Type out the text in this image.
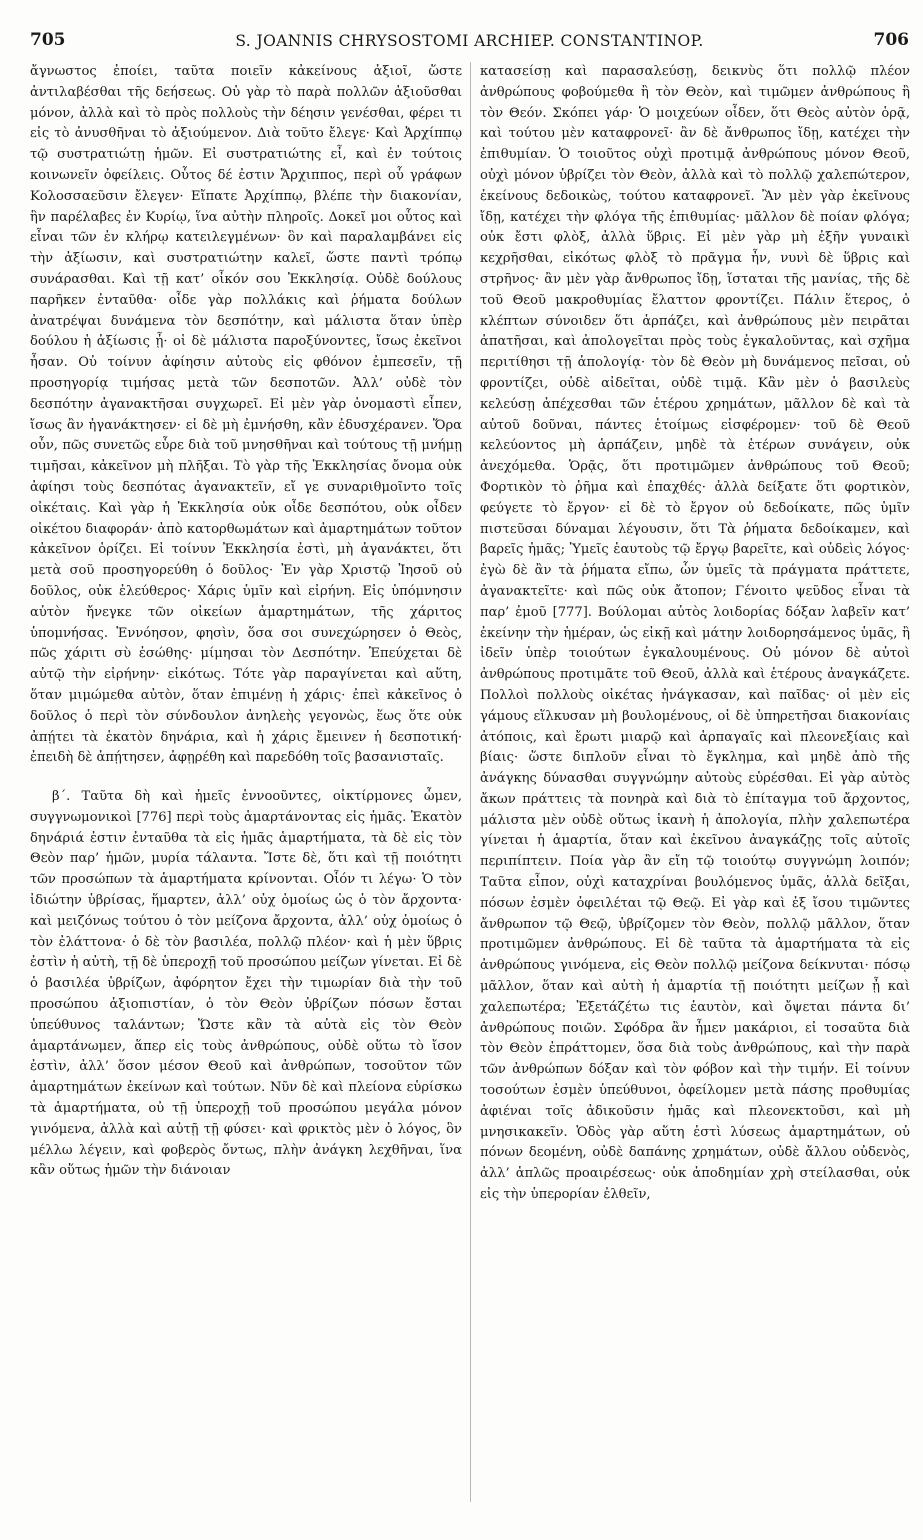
705	S. JOANNIS CHRYSOSTOMI ARCHIEP. CONSTANTINOP.	706

ἄγνωστος ἐποίει, ταῦτα ποιεῖν κἀκείνους ἀξιοῖ, ὥστε ἀντιλαβέσθαι τῆς δεήσεως. Οὐ γὰρ τὸ παρὰ πολλῶν ἀξιοῦσθαι μόνον, ἀλλὰ καὶ τὸ πρὸς πολλοὺς τὴν δέησιν γενέσθαι, φέρει τι εἰς τὸ ἀνυσθῆναι τὸ ἀξιούμενον. Διὰ τοῦτο ἔλεγε· Καὶ Ἀρχίππῳ τῷ συστρατιώτῃ ἡμῶν. Εἰ συστρατιώτης εἶ, καὶ ἐν τούτοις κοινωνεῖν ὀφείλεις. Οὗτος δέ ἐστιν Ἄρχιππος, περὶ οὗ γράφων Κολοσσαεῦσιν ἔλεγεν· Εἴπατε Ἀρχίππῳ, βλέπε τὴν διακονίαν, ἣν παρέλαβες ἐν Κυρίῳ, ἵνα αὐτὴν πληροῖς. Δοκεῖ μοι οὗτος καὶ εἶναι τῶν ἐν κλήρῳ κατειλεγμένων· ὃν καὶ παραλαμβάνει εἰς τὴν ἀξίωσιν, καὶ συστρατιώτην καλεῖ, ὥστε παντὶ τρόπῳ συνάρασθαι. Καὶ τῇ κατ’ οἶκόν σου Ἐκκλησίᾳ. Οὐδὲ δούλους παρῆκεν ἐνταῦθα· οἶδε γὰρ πολλάκις καὶ ῥήματα δούλων ἀνατρέψαι δυνάμενα τὸν δεσπότην, καὶ μάλιστα ὅταν ὑπὲρ δούλου ἡ ἀξίωσις ᾖ· οἱ δὲ μάλιστα παροξύνοντες, ἴσως ἐκεῖνοι ἦσαν. Οὐ τοίνυν ἀφίησιν αὐτοὺς εἰς φθόνον ἐμπεσεῖν, τῇ προσηγορίᾳ τιμήσας μετὰ τῶν δεσποτῶν. Ἀλλ’ οὐδὲ τὸν δεσπότην ἀγανακτῆσαι συγχωρεῖ. Εἰ μὲν γὰρ ὀνομαστὶ εἶπεν, ἴσως ἂν ἠγανάκτησεν· εἰ δὲ μὴ ἐμνήσθη, κἂν ἐδυσχέρανεν. Ὅρα οὖν, πῶς συνετῶς εὗρε διὰ τοῦ μνησθῆναι καὶ τούτους τῇ μνήμῃ τιμῆσαι, κἀκεῖνον μὴ πλῆξαι. Τὸ γὰρ τῆς Ἐκκλησίας ὄνομα οὐκ ἀφίησι τοὺς δεσπότας ἀγανακτεῖν, εἴ γε συναριθμοῖντο τοῖς οἰκέταις. Καὶ γὰρ ἡ Ἐκκλησία οὐκ οἶδε δεσπότου, οὐκ οἶδεν οἰκέτου διαφοράν· ἀπὸ κατορθωμάτων καὶ ἁμαρτημάτων τοῦτον κἀκεῖνον ὁρίζει. Εἰ τοίνυν Ἐκκλησία ἐστὶ, μὴ ἀγανάκτει, ὅτι μετὰ σοῦ προσηγορεύθη ὁ δοῦλος· Ἐν γὰρ Χριστῷ Ἰησοῦ οὐ δοῦλος, οὐκ ἐλεύθερος· Χάρις ὑμῖν καὶ εἰρήνη. Εἰς ὑπόμνησιν αὐτὸν ἤνεγκε τῶν οἰκείων ἁμαρτημάτων, τῆς χάριτος ὑπομνήσας. Ἐννόησον, φησὶν, ὅσα σοι συνεχώρησεν ὁ Θεὸς, πῶς χάριτι σὺ ἐσώθης· μίμησαι τὸν Δεσπότην. Ἐπεύχεται δὲ αὐτῷ τὴν εἰρήνην· εἰκότως. Τότε γὰρ παραγίνεται καὶ αὕτη, ὅταν μιμώμεθα αὐτὸν, ὅταν ἐπιμένῃ ἡ χάρις· ἐπεὶ κἀκεῖνος ὁ δοῦλος ὁ περὶ τὸν σύνδουλον ἀνηλεὴς γεγονὼς, ἕως ὅτε οὐκ ἀπῄτει τὰ ἑκατὸν δηνάρια, καὶ ἡ χάρις ἔμεινεν ἡ δεσποτική· ἐπειδὴ δὲ ἀπῄτησεν, ἀφῃρέθη καὶ παρεδόθη τοῖς βασανισταῖς.

β΄. Ταῦτα δὴ καὶ ἡμεῖς ἐννοοῦντες, οἰκτίρμονες ὦμεν, συγγνωμονικοὶ [776] περὶ τοὺς ἁμαρτάνοντας εἰς ἡμᾶς. Ἑκατὸν δηνάριά ἐστιν ἐνταῦθα τὰ εἰς ἡμᾶς ἁμαρτήματα, τὰ δὲ εἰς τὸν Θεὸν παρ’ ἡμῶν, μυρία τάλαντα. Ἴστε δὲ, ὅτι καὶ τῇ ποιότητι τῶν προσώπων τὰ ἁμαρτήματα κρίνονται. Οἷόν τι λέγω· Ὁ τὸν ἰδιώτην ὑβρίσας, ἥμαρτεν, ἀλλ’ οὐχ ὁμοίως ὡς ὁ τὸν ἄρχοντα· καὶ μειζόνως τούτου ὁ τὸν μείζονα ἄρχοντα, ἀλλ’ οὐχ ὁμοίως ὁ τὸν ἐλάττονα· ὁ δὲ τὸν βασιλέα, πολλῷ πλέον· καὶ ἡ μὲν ὕβρις ἐστὶν ἡ αὐτὴ, τῇ δὲ ὑπεροχῇ τοῦ προσώπου μείζων γίνεται. Εἰ δὲ ὁ βασιλέα ὑβρίζων, ἀφόρητον ἔχει τὴν τιμωρίαν διὰ τὴν τοῦ προσώπου ἀξιοπιστίαν, ὁ τὸν Θεὸν ὑβρίζων πόσων ἔσται ὑπεύθυνος ταλάντων; Ὥστε κἂν τὰ αὐτὰ εἰς τὸν Θεὸν ἁμαρτάνωμεν, ἅπερ εἰς τοὺς ἀνθρώπους, οὐδὲ οὕτω τὸ ἴσον ἐστὶν, ἀλλ’ ὅσον μέσον Θεοῦ καὶ ἀνθρώπων, τοσοῦτον τῶν ἁμαρτημάτων ἐκείνων καὶ τούτων. Νῦν δὲ καὶ πλείονα εὑρίσκω τὰ ἁμαρτήματα, οὐ τῇ ὑπεροχῇ τοῦ προσώπου μεγάλα μόνον γινόμενα, ἀλλὰ καὶ αὐτῇ τῇ φύσει· καὶ φρικτὸς μὲν ὁ λόγος, ὃν μέλλω λέγειν, καὶ φοβερὸς ὄντως, πλὴν ἀνάγκη λεχθῆναι, ἵνα κἂν οὕτως ἡμῶν τὴν διάνοιαν

κατασείσῃ καὶ παρασαλεύσῃ, δεικνὺς ὅτι πολλῷ πλέον ἀνθρώπους φοβούμεθα ἢ τὸν Θεὸν, καὶ τιμῶμεν ἀνθρώπους ἢ τὸν Θεόν. Σκόπει γάρ· Ὁ μοιχεύων οἶδεν, ὅτι Θεὸς αὐτὸν ὁρᾷ, καὶ τούτου μὲν καταφρονεῖ· ἂν δὲ ἄνθρωπος ἴδῃ, κατέχει τὴν ἐπιθυμίαν. Ὁ τοιοῦτος οὐχὶ προτιμᾷ ἀνθρώπους μόνον Θεοῦ, οὐχὶ μόνον ὑβρίζει τὸν Θεὸν, ἀλλὰ καὶ τὸ πολλῷ χαλεπώτερον, ἐκείνους δεδοικὼς, τούτου καταφρονεῖ. Ἂν μὲν γὰρ ἐκεῖνους ἴδῃ, κατέχει τὴν φλόγα τῆς ἐπιθυμίας· μᾶλλον δὲ ποίαν φλόγα; οὐκ ἔστι φλὸξ, ἀλλὰ ὕβρις. Εἰ μὲν γὰρ μὴ ἐξῆν γυναικὶ κεχρῆσθαι, εἰκότως φλὸξ τὸ πρᾶγμα ἦν, νυνὶ δὲ ὕβρις καὶ στρῆνος· ἂν μὲν γὰρ ἄνθρωπος ἴδῃ, ἵσταται τῆς μανίας, τῆς δὲ τοῦ Θεοῦ μακροθυμίας ἔλαττον φροντίζει. Πάλιν ἕτερος, ὁ κλέπτων σύνοιδεν ὅτι ἁρπάζει, καὶ ἀνθρώπους μὲν πειρᾶται ἀπατῆσαι, καὶ ἀπολογεῖται πρὸς τοὺς ἐγκαλοῦντας, καὶ σχῆμα περιτίθησι τῇ ἀπολογίᾳ· τὸν δὲ Θεὸν μὴ δυνάμενος πεῖσαι, οὐ φροντίζει, οὐδὲ αἰδεῖται, οὐδὲ τιμᾷ. Κἂν μὲν ὁ βασιλεὺς κελεύσῃ ἀπέχεσθαι τῶν ἑτέρου χρημάτων, μᾶλλον δὲ καὶ τὰ αὐτοῦ δοῦναι, πάντες ἑτοίμως εἰσφέρομεν· τοῦ δὲ Θεοῦ κελεύοντος μὴ ἁρπάζειν, μηδὲ τὰ ἑτέρων συνάγειν, οὐκ ἀνεχόμεθα. Ὁρᾷς, ὅτι προτιμῶμεν ἀνθρώπους τοῦ Θεοῦ; Φορτικὸν τὸ ῥῆμα καὶ ἐπαχθές· ἀλλὰ δείξατε ὅτι φορτικὸν, φεύγετε τὸ ἔργον· εἰ δὲ τὸ ἔργον οὐ δεδοίκατε, πῶς ὑμῖν πιστεῦσαι δύναμαι λέγουσιν, ὅτι Τὰ ῥήματα δεδοίκαμεν, καὶ βαρεῖς ἡμᾶς; Ὑμεῖς ἑαυτοὺς τῷ ἔργῳ βαρεῖτε, καὶ οὐδεὶς λόγος· ἐγὼ δὲ ἂν τὰ ῥήματα εἴπω, ὧν ὑμεῖς τὰ πράγματα πράττετε, ἀγανακτεῖτε· καὶ πῶς οὐκ ἄτοπον; Γένοιτο ψεῦδος εἶναι τὰ παρ’ ἐμοῦ [777]. Βούλομαι αὐτὸς λοιδορίας δόξαν λαβεῖν κατ’ ἐκείνην τὴν ἡμέραν, ὡς εἰκῇ καὶ μάτην λοιδορησάμενος ὑμᾶς, ἢ ἰδεῖν ὑπὲρ τοιούτων ἐγκαλουμένους. Οὐ μόνον δὲ αὐτοὶ ἀνθρώπους προτιμᾶτε τοῦ Θεοῦ, ἀλλὰ καὶ ἑτέρους ἀναγκάζετε. Πολλοὶ πολλοὺς οἰκέτας ἠνάγκασαν, καὶ παῖδας· οἱ μὲν εἰς γάμους εἵλκυσαν μὴ βουλομένους, οἱ δὲ ὑπηρετῆσαι διακονίαις ἀτόποις, καὶ ἔρωτι μιαρῷ καὶ ἁρπαγαῖς καὶ πλεονεξίαις καὶ βίαις· ὥστε διπλοῦν εἶναι τὸ ἔγκλημα, καὶ μηδὲ ἀπὸ τῆς ἀνάγκης δύνασθαι συγγνώμην αὐτοὺς εὑρέσθαι. Εἰ γὰρ αὐτὸς ἄκων πράττεις τὰ πονηρὰ καὶ διὰ τὸ ἐπίταγμα τοῦ ἄρχοντος, μάλιστα μὲν οὐδὲ οὕτως ἱκανὴ ἡ ἀπολογία, πλὴν χαλεπωτέρα γίνεται ἡ ἁμαρτία, ὅταν καὶ ἐκεῖνου ἀναγκάζῃς τοῖς αὐτοῖς περιπίπτειν. Ποία γὰρ ἂν εἴη τῷ τοιούτῳ συγγνώμη λοιπόν; Ταῦτα εἶπον, οὐχὶ καταχρίναι βουλόμενος ὑμᾶς, ἀλλὰ δεῖξαι, πόσων ἐσμὲν ὀφειλέται τῷ Θεῷ. Εἰ γὰρ καὶ ἐξ ἴσου τιμῶντες ἄνθρωπον τῷ Θεῷ, ὑβρίζομεν τὸν Θεὸν, πολλῷ μᾶλλον, ὅταν προτιμῶμεν ἀνθρώπους. Εἰ δὲ ταῦτα τὰ ἁμαρτήματα τὰ εἰς ἀνθρώπους γινόμενα, εἰς Θεὸν πολλῷ μείζονα δείκνυται· πόσῳ μᾶλλον, ὅταν καὶ αὐτὴ ἡ ἁμαρτία τῇ ποιότητι μείζων ᾖ καὶ χαλεπωτέρα; Ἐξετάζέτω τις ἑαυτὸν, καὶ ὄψεται πάντα δι’ ἀνθρώπους ποιῶν. Σφόδρα ἂν ἦμεν μακάριοι, εἰ τοσαῦτα διὰ τὸν Θεὸν ἐπράττομεν, ὅσα διὰ τοὺς ἀνθρώπους, καὶ τὴν παρὰ τῶν ἀνθρώπων δόξαν καὶ τὸν φόβον καὶ τὴν τιμήν. Εἰ τοίνυν τοσούτων ἐσμὲν ὑπεύθυνοι, ὀφείλομεν μετὰ πάσης προθυμίας ἀφιέναι τοῖς ἀδικοῦσιν ἡμᾶς καὶ πλεονεκτοῦσι, καὶ μὴ μνησικακεῖν. Ὁδὸς γὰρ αὕτη ἐστὶ λύσεως ἁμαρτημάτων, οὐ πόνων δεομένη, οὐδὲ δαπάνης χρημάτων, οὐδὲ ἄλλου οὐδενὸς, ἀλλ’ ἁπλῶς προαιρέσεως· οὐκ ἀποδημίαν χρὴ στείλασθαι, οὐκ εἰς τὴν ὑπερορίαν ἐλθεῖν,
